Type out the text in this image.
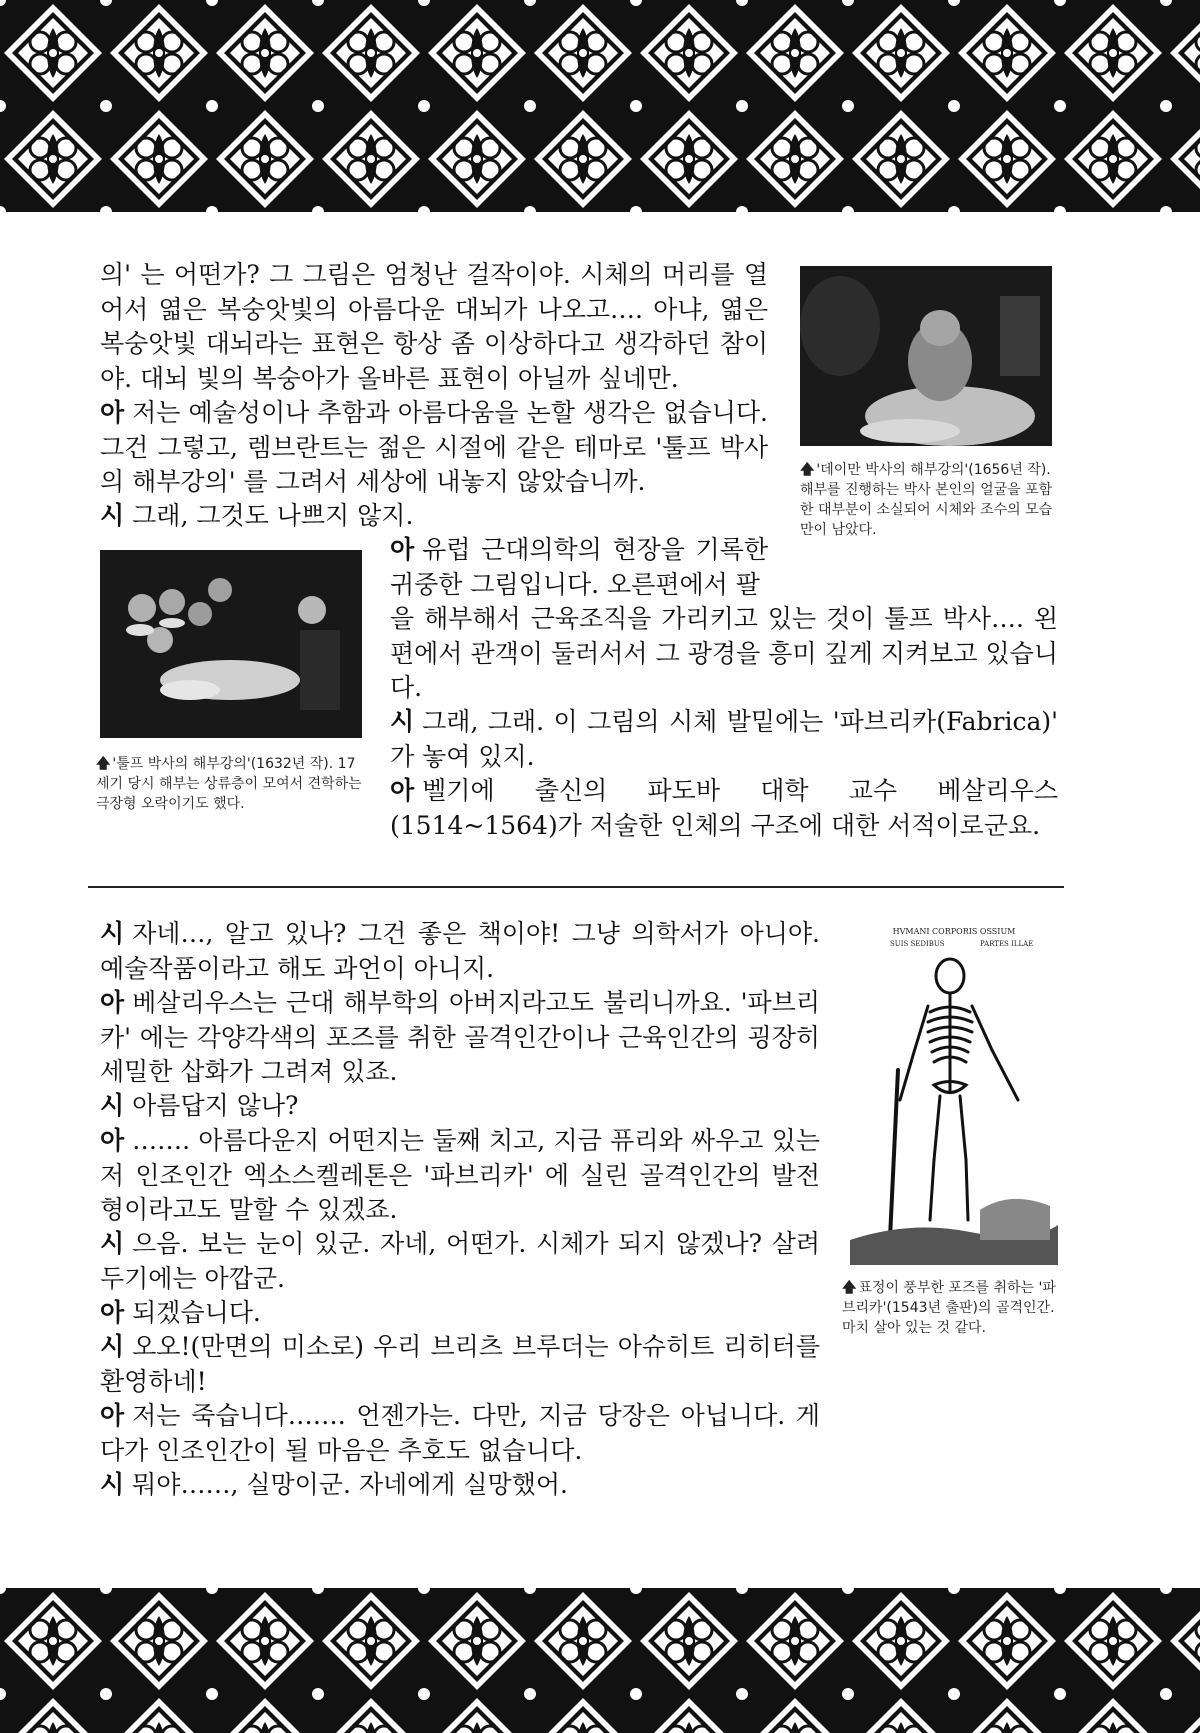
의' 는 어떤가? 그 그림은 엄청난 걸작이야. 시체의 머리를 열어서 엷은 복숭앗빛의 아름다운 대뇌가 나오고…. 아냐, 엷은 복숭앗빛 대뇌라는 표현은 항상 좀 이상하다고 생각하던 참이야. 대뇌 빛의 복숭아가 올바른 표현이 아닐까 싶네만.

아 저는 예술성이나 추함과 아름다움을 논할 생각은 없습니다. 그건 그렇고, 렘브란트는 젊은 시절에 같은 테마로 '툴프 박사의 해부강의' 를 그려서 세상에 내놓지 않았습니까.

시 그래, 그것도 나쁘지 않지.

아 유럽 근대의학의 현장을 기록한 귀중한 그림입니다. 오른편에서 팔

을 해부해서 근육조직을 가리키고 있는 것이 툴프 박사…. 왼편에서 관객이 둘러서서 그 광경을 흥미 깊게 지켜보고 있습니다.

시 그래, 그래. 이 그림의 시체 발밑에는 '파브리카(Fabrica)' 가 놓여 있지.

아 벨기에 출신의 파도바 대학 교수 베살리우스(1514~1564)가 저술한 인체의 구조에 대한 서적이로군요.

🡅 '데이만 박사의 해부강의'(1656년 작). 해부를 진행하는 박사 본인의 얼굴을 포함한 대부분이 소실되어 시체와 조수의 모습만이 남았다.

🡅 '툴프 박사의 해부강의'(1632년 작). 17세기 당시 해부는 상류층이 모여서 견학하는 극장형 오락이기도 했다.

시 자네…, 알고 있나? 그건 좋은 책이야! 그냥 의학서가 아니야. 예술작품이라고 해도 과언이 아니지.

아 베살리우스는 근대 해부학의 아버지라고도 불리니까요. '파브리카' 에는 각양각색의 포즈를 취한 골격인간이나 근육인간의 굉장히 세밀한 삽화가 그려져 있죠.

시 아름답지 않나?

아 ……. 아름다운지 어떤지는 둘째 치고, 지금 퓨리와 싸우고 있는 저 인조인간 엑소스켈레톤은 '파브리카' 에 실린 골격인간의 발전형이라고도 말할 수 있겠죠.

시 으음. 보는 눈이 있군. 자네, 어떤가. 시체가 되지 않겠나? 살려두기에는 아깝군.

아 되겠습니다.

시 오오!(만면의 미소로) 우리 브리츠 브루더는 아슈히트 리히터를 환영하네!

아 저는 죽습니다……. 언젠가는. 다만, 지금 당장은 아닙니다. 게다가 인조인간이 될 마음은 추호도 없습니다.

시 뭐야……, 실망이군. 자네에게 실망했어.

HVMANI CORPORIS OSSIUM
SUIS SEDIBUS	PARTES ILLAE

🡅 표정이 풍부한 포즈를 취하는 '파브리카'(1543년 출판)의 골격인간. 마치 살아 있는 것 같다.
